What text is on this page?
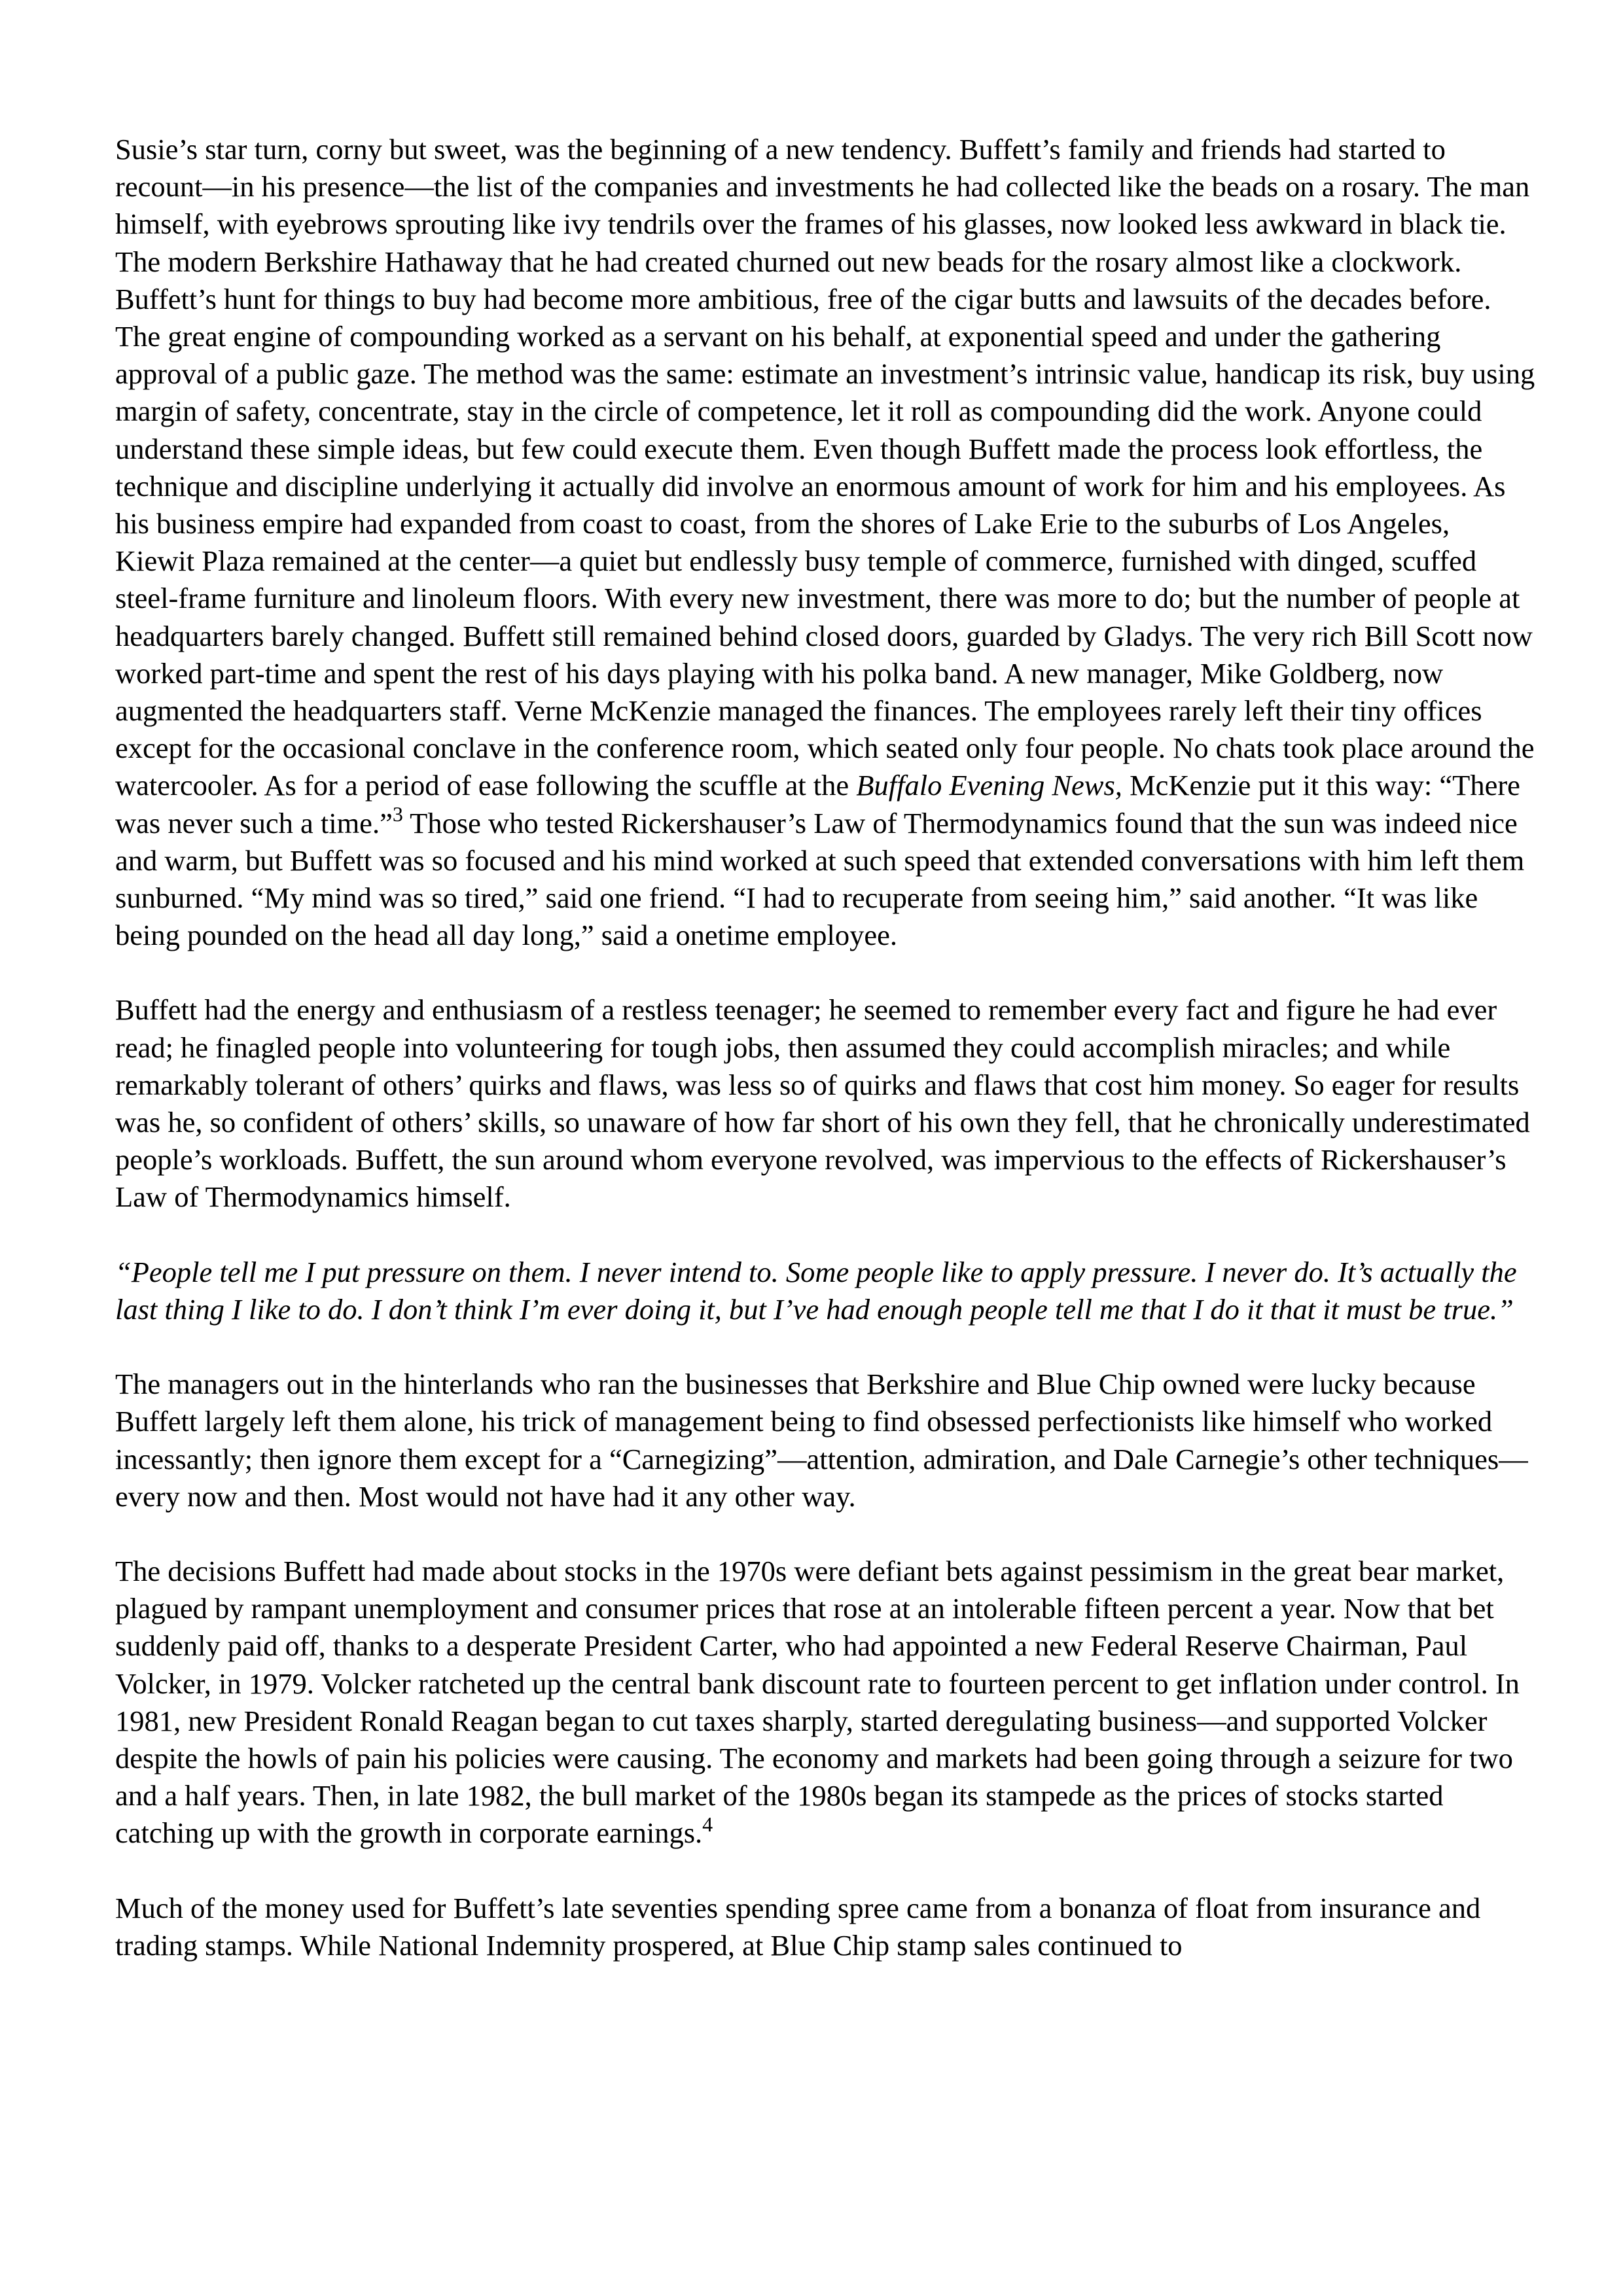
Susie’s star turn, corny but sweet, was the beginning of a new tendency. Buffett’s family and friends had started to recount—in his presence—the list of the companies and investments he had collected like the beads on a rosary. The man himself, with eyebrows sprouting like ivy tendrils over the frames of his glasses, now looked less awkward in black tie. The modern Berkshire Hathaway that he had created churned out new beads for the rosary almost like a clockwork. Buffett’s hunt for things to buy had become more ambitious, free of the cigar butts and lawsuits of the decades before. The great engine of compounding worked as a servant on his behalf, at exponential speed and under the gathering approval of a public gaze. The method was the same: estimate an investment’s intrinsic value, handicap its risk, buy using margin of safety, concentrate, stay in the circle of competence, let it roll as compounding did the work. Anyone could understand these simple ideas, but few could execute them. Even though Buffett made the process look effortless, the technique and discipline underlying it actually did involve an enormous amount of work for him and his employees. As his business empire had expanded from coast to coast, from the shores of Lake Erie to the suburbs of Los Angeles, Kiewit Plaza remained at the center—a quiet but endlessly busy temple of commerce, furnished with dinged, scuffed steel-frame furniture and linoleum floors. With every new investment, there was more to do; but the number of people at headquarters barely changed. Buffett still remained behind closed doors, guarded by Gladys. The very rich Bill Scott now worked part-time and spent the rest of his days playing with his polka band. A new manager, Mike Goldberg, now augmented the headquarters staff. Verne McKenzie managed the finances. The employees rarely left their tiny offices except for the occasional conclave in the conference room, which seated only four people. No chats took place around the watercooler. As for a period of ease following the scuffle at the Buffalo Evening News, McKenzie put it this way: “There was never such a time.”$^3$ Those who tested Rickershauser’s Law of Thermodynamics found that the sun was indeed nice and warm, but Buffett was so focused and his mind worked at such speed that extended conversations with him left them sunburned. “My mind was so tired,” said one friend. “I had to recuperate from seeing him,” said another. “It was like being pounded on the head all day long,” said a onetime employee.

Buffett had the energy and enthusiasm of a restless teenager; he seemed to remember every fact and figure he had ever read; he finagled people into volunteering for tough jobs, then assumed they could accomplish miracles; and while remarkably tolerant of others’ quirks and flaws, was less so of quirks and flaws that cost him money. So eager for results was he, so confident of others’ skills, so unaware of how far short of his own they fell, that he chronically underestimated people’s workloads. Buffett, the sun around whom everyone revolved, was impervious to the effects of Rickershauser’s Law of Thermodynamics himself.

“People tell me I put pressure on them. I never intend to. Some people like to apply pressure. I never do. It’s actually the last thing I like to do. I don’t think I’m ever doing it, but I’ve had enough people tell me that I do it that it must be true.”

The managers out in the hinterlands who ran the businesses that Berkshire and Blue Chip owned were lucky because Buffett largely left them alone, his trick of management being to find obsessed perfectionists like himself who worked incessantly; then ignore them except for a “Carnegizing”—attention, admiration, and Dale Carnegie’s other techniques—every now and then. Most would not have had it any other way.

The decisions Buffett had made about stocks in the 1970s were defiant bets against pessimism in the great bear market, plagued by rampant unemployment and consumer prices that rose at an intolerable fifteen percent a year. Now that bet suddenly paid off, thanks to a desperate President Carter, who had appointed a new Federal Reserve Chairman, Paul Volcker, in 1979. Volcker ratcheted up the central bank discount rate to fourteen percent to get inflation under control. In 1981, new President Ronald Reagan began to cut taxes sharply, started deregulating business—and supported Volcker despite the howls of pain his policies were causing. The economy and markets had been going through a seizure for two and a half years. Then, in late 1982, the bull market of the 1980s began its stampede as the prices of stocks started catching up with the growth in corporate earnings.$^4$

Much of the money used for Buffett’s late seventies spending spree came from a bonanza of float from insurance and trading stamps. While National Indemnity prospered, at Blue Chip stamp sales continued to
